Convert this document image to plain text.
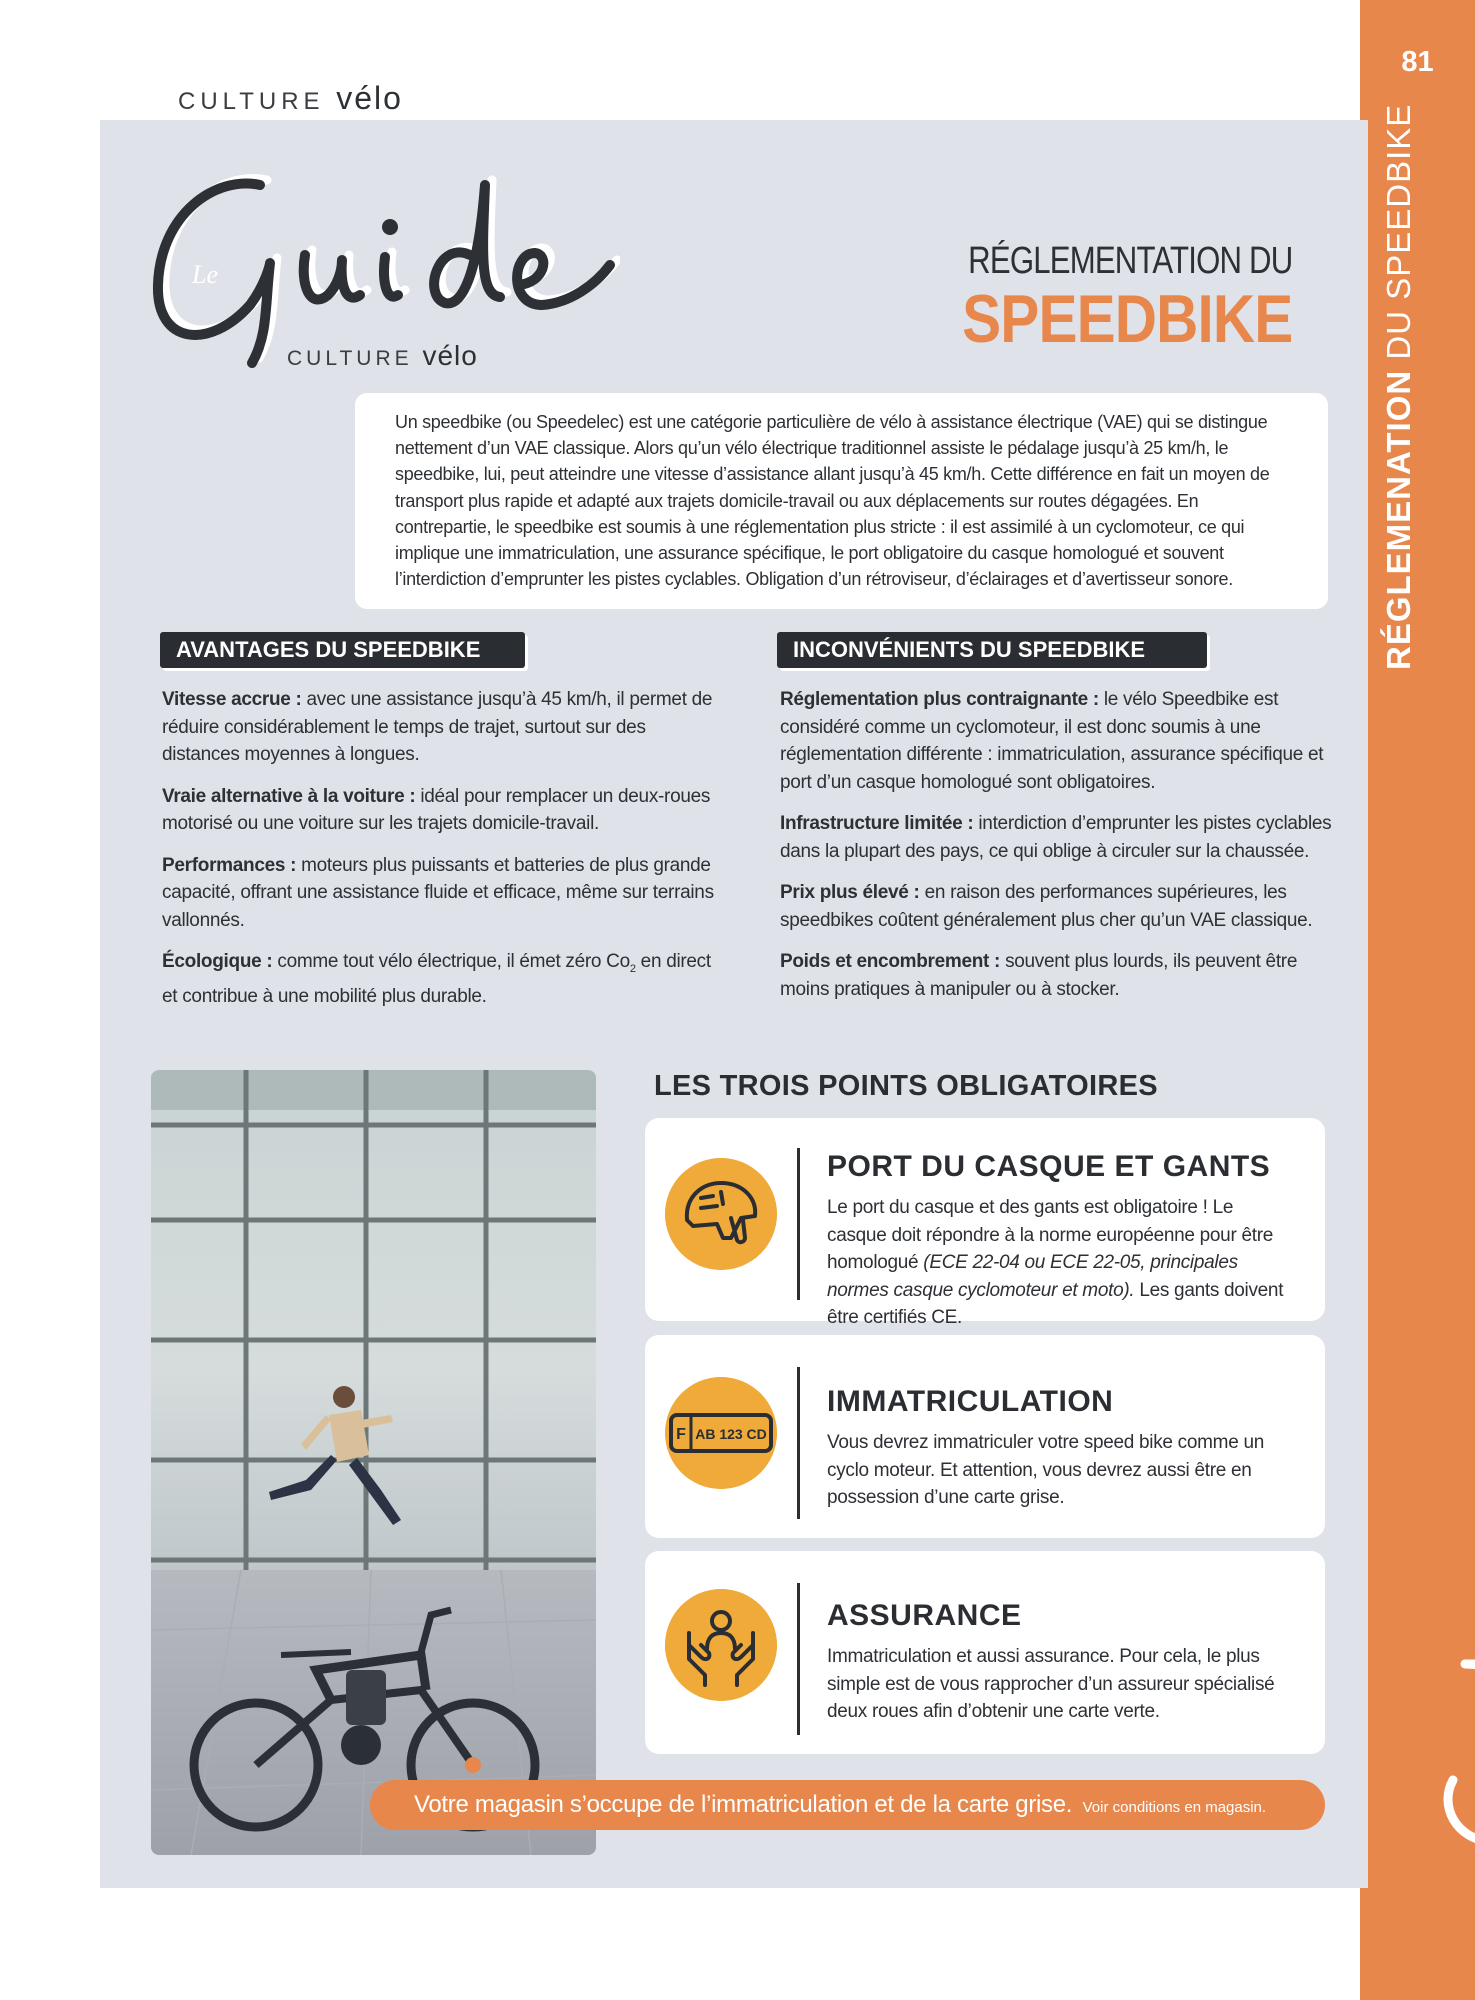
CULTURE vélo
81
RÉGLEMENATION DU SPEEDBIKE
Le
CULTURE vélo
RÉGLEMENTATION DU
SPEEDBIKE
Un speedbike (ou Speedelec) est une catégorie particulière de vélo à assistance électrique (VAE) qui se distingue nettement d’un VAE classique. Alors qu’un vélo électrique traditionnel assiste le pédalage jusqu’à 25 km/h, le speedbike, lui, peut atteindre une vitesse d’assistance allant jusqu’à 45 km/h. Cette différence en fait un moyen de transport plus rapide et adapté aux trajets domicile-travail ou aux déplacements sur routes dégagées. En contrepartie, le speedbike est soumis à une réglementation plus stricte : il est assimilé à un cyclomoteur, ce qui implique une immatriculation, une assurance spécifique, le port obligatoire du casque homologué et souvent l’interdiction d’emprunter les pistes cyclables. Obligation d’un rétroviseur, d’éclairages et d’avertisseur sonore.
AVANTAGES DU SPEEDBIKE

Vitesse accrue : avec une assistance jusqu’à 45 km/h, il permet de réduire considérablement le temps de trajet, surtout sur des distances moyennes à longues.

Vraie alternative à la voiture : idéal pour remplacer un deux-roues motorisé ou une voiture sur les trajets domicile-travail.

Performances : moteurs plus puissants et batteries de plus grande capacité, offrant une assistance fluide et efficace, même sur terrains vallonnés.

Écologique : comme tout vélo électrique, il émet zéro $Co_2$ en direct et contribue à une mobilité plus durable.

INCONVÉNIENTS DU SPEEDBIKE

Réglementation plus contraignante : le vélo Speedbike est considéré comme un cyclomoteur, il est donc soumis à une réglementation différente : immatriculation, assurance spécifique et port d’un casque homologué sont obligatoires.

Infrastructure limitée : interdiction d’emprunter les pistes cyclables dans la plupart des pays, ce qui oblige à circuler sur la chaussée.

Prix plus élevé : en raison des performances supérieures, les speedbikes coûtent généralement plus cher qu’un VAE classique.

Poids et encombrement : souvent plus lourds, ils peuvent être moins pratiques à manipuler ou à stocker.

LES TROIS POINTS OBLIGATOIRES
PORT DU CASQUE ET GANTS
Le port du casque et des gants est obligatoire ! Le casque doit répondre à la norme européenne pour être homologué (ECE 22-04 ou ECE 22-05, principales normes casque cyclomoteur et moto). Les gants doivent être certifiés CE.
F AB 123 CD
IMMATRICULATION
Vous devrez immatriculer votre speed bike comme un cyclo moteur. Et attention, vous devrez aussi être en possession d’une carte grise.
ASSURANCE
Immatriculation et aussi assurance. Pour cela, le plus simple est de vous rapprocher d’un assureur spécialisé deux roues afin d’obtenir une carte verte.
Votre magasin s’occupe de l’immatriculation et de la carte grise. Voir conditions en magasin.
